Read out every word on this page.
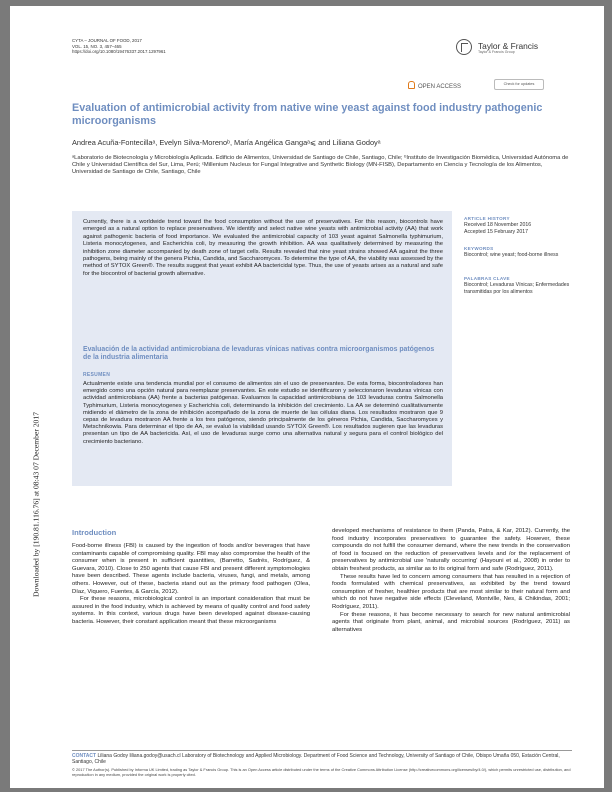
CYTA – JOURNAL OF FOOD, 2017
VOL. 15, NO. 3, 457–465
https://doi.org/10.1080/19476337.2017.1297961
Taylor & Francis
Taylor & Francis Group
OPEN ACCESS	Check for updates
Evaluation of antimicrobial activity from native wine yeast against food industry pathogenic microorganisms
Andrea Acuña-Fontecillaᵃ, Evelyn Silva-Morenoᵇ, María Angélica Gangaᵃ⩽ and Liliana Godoyᵃ

ᵃLaboratorio de Biotecnología y Microbiología Aplicada. Edificio de Alimentos, Universidad de Santiago de Chile, Santiago, Chile; ᵇInstituto de Investigación Biomédica, Universidad Autónoma de Chile y Universidad Científica del Sur, Lima, Perú; ᶜMillenium Nucleus for Fungal Integrative and Synthetic Biology (MN-FISB), Departamento en Ciencia y Tecnología de los Alimentos, Universidad de Santiago de Chile, Santiago, Chile

Currently, there is a worldwide trend toward the food consumption without the use of preservatives. For this reason, biocontrols have emerged as a natural option to replace preservatives. We identify and select native wine yeasts with antimicrobial activity (AA) that work against pathogenic bacteria of food importance. We evaluated the antimicrobial capacity of 103 yeast against Salmonella typhimurium, Listeria monocytogenes, and Escherichia coli, by measuring the growth inhibition. AA was qualitatively determined by measuring the inhibition zone diameter accompanied by death zone of target cells. Results revealed that nine yeast strains showed AA against the three pathogens, being mainly of the genera Pichia, Candida, and Saccharomyces. To determine the type of AA, the viability was assessed by the method of SYTOX Green®. The results suggest that yeast exhibit AA bactericidal type. Thus, the use of yeasts arises as a natural and safe for the biocontrol of bacterial growth alternative.

Evaluación de la actividad antimicrobiana de levaduras vínicas nativas contra microorganismos patógenos de la industria alimentaria
RESUMEN

Actualmente existe una tendencia mundial por el consumo de alimentos sin el uso de preservantes. De esta forma, biocontroladores han emergido como una opción natural para reemplazar preservantes. En este estudio se identificaron y seleccionaron levaduras vínicas con actividad antimicrobiana (AA) frente a bacterias patógenas. Evaluamos la capacidad antimicrobiana de 103 levaduras contra Salmonella Typhimurium, Listeria monocytogenes y Escherichia coli, determinando la inhibición del crecimiento. La AA se determinó cualitativamente midiendo el diámetro de la zona de inhibición acompañado de la zona de muerte de las células diana. Los resultados mostraron que 9 cepas de levadura mostraron AA frente a los tres patógenos, siendo principalmente de los géneros Pichia, Candida, Saccharomyces y Metschnikowia. Para determinar el tipo de AA, se evaluó la viabilidad usando SYTOX Green®. Los resultados sugieren que las levaduras presentan un tipo de AA bactericida. Así, el uso de levaduras surge como una alternativa natural y segura para el control biológico del crecimiento bacteriano.

ARTICLE HISTORY

Received 18 November 2016

Accepted 15 February 2017

KEYWORDS

Biocontrol; wine yeast; food-borne illness

PALABRAS CLAVE

Biocontrol; Levaduras Vínicas; Enfermedades transmitidas por los alimentos

Introduction

Food-borne illness (FBI) is caused by the ingestion of foods and/or beverages that have contaminants capable of compromising quality. FBI may also compromise the health of the consumer when is present in sufficient quantities, (Barretto, Sadrés, Rodríguez, & Guevara, 2010). Close to 250 agents that cause FBI and present different symptomologies have been described. These agents include bacteria, viruses, fungi, and metals, among others. However, out of these, bacteria stand out as the primary food pathogen (Olea, Díaz, Viquero, Fuentes, & García, 2012).

For these reasons, microbiological control is an important consideration that must be assured in the food industry, which is achieved by means of quality control and food safety systems. In this context, various drugs have been developed against disease-causing bacteria. However, their constant application meant that these microorganisms

developed mechanisms of resistance to them (Panda, Patra, & Kar, 2012). Currently, the food industry incorporates preservatives to guarantee the safety. However, these compounds do not fulfill the consumer demand, where the new trends in the conservation of food is focused on the reduction of preservatives levels and /or the replacement of preservatives by antimicrobial use 'naturally occurring' (Hayouni et al., 2008) in order to obtain freshest products, as similar as to its original form and safe (Rodríguez, 2011).

These results have led to concern among consumers that has resulted in a rejection of foods formulated with chemical preservatives, as exhibited by the trend toward consumption of fresher, healthier products that are most similar to their natural form and which do not have negative side effects (Cleveland, Montville, Nes, & Chikindas, 2001; Rodríguez, 2011).

For these reasons, it has become necessary to search for new natural antimicrobial agents that originate from plant, animal, and microbial sources (Rodríguez, 2011) as alternatives

CONTACT Liliana Godoy liliana.godoy@usach.cl Laboratory of Biotechnology and Applied Microbiology. Department of Food Science and Technology, University of Santiago of Chile, Obispo Umaña 050, Estación Central, Santiago, Chile

© 2017 The Author(s). Published by Informa UK Limited, trading as Taylor & Francis Group. This is an Open Access article distributed under the terms of the Creative Commons Attribution License (http://creativecommons.org/licenses/by/4.0/), which permits unrestricted use, distribution, and reproduction in any medium, provided the original work is properly cited.

Downloaded by [190.81.116.76] at 08:43 07 December 2017
